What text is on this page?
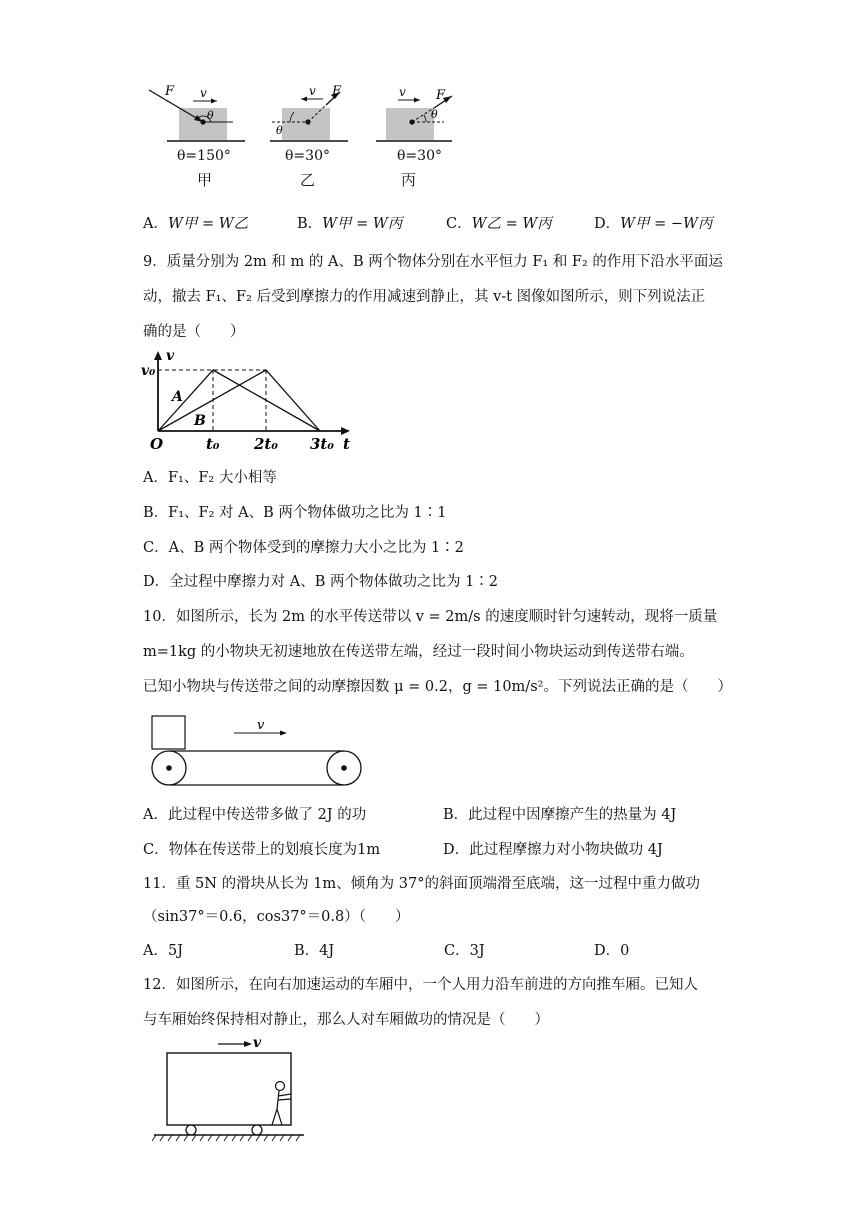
F v
θ
θ=150°
甲
F
v
θ
θ=30°
乙
F
v
θ
θ=30°
丙
A．W甲 = W乙	B．W甲 = W丙	C．W乙 = W丙	D．W甲 = −W丙
9．质量分别为 2m 和 m 的 A、B 两个物体分别在水平恒力 F₁ 和 F₂ 的作用下沿水平面运
动，撤去 F₁、F₂ 后受到摩擦力的作用减速到静止，其 v-t 图像如图所示，则下列说法正
确的是（　　）
v
v₀
A
B
O	t₀ 2t₀ 3t₀ t
A．F₁、F₂ 大小相等
B．F₁、F₂ 对 A、B 两个物体做功之比为 1∶1
C．A、B 两个物体受到的摩擦力大小之比为 1∶2
D．全过程中摩擦力对 A、B 两个物体做功之比为 1∶2
10．如图所示，长为 2m 的水平传送带以 v = 2m/s 的速度顺时针匀速转动，现将一质量
m=1kg 的小物块无初速地放在传送带左端，经过一段时间小物块运动到传送带右端。
已知小物块与传送带之间的动摩擦因数 μ = 0.2，g = 10m/s²。下列说法正确的是（　　）
v
A．此过程中传送带多做了 2J 的功	B．此过程中因摩擦产生的热量为 4J
C．物体在传送带上的划痕长度为1m	D．此过程摩擦力对小物块做功 4J
11．重 5N 的滑块从长为 1m、倾角为 37°的斜面顶端滑至底端，这一过程中重力做功
（sin37°＝0.6，cos37°＝0.8）（　　）
A．5J	B．4J	C．3J	D．0
12．如图所示，在向右加速运动的车厢中，一个人用力沿车前进的方向推车厢。已知人
与车厢始终保持相对静止，那么人对车厢做功的情况是（　　）
v
